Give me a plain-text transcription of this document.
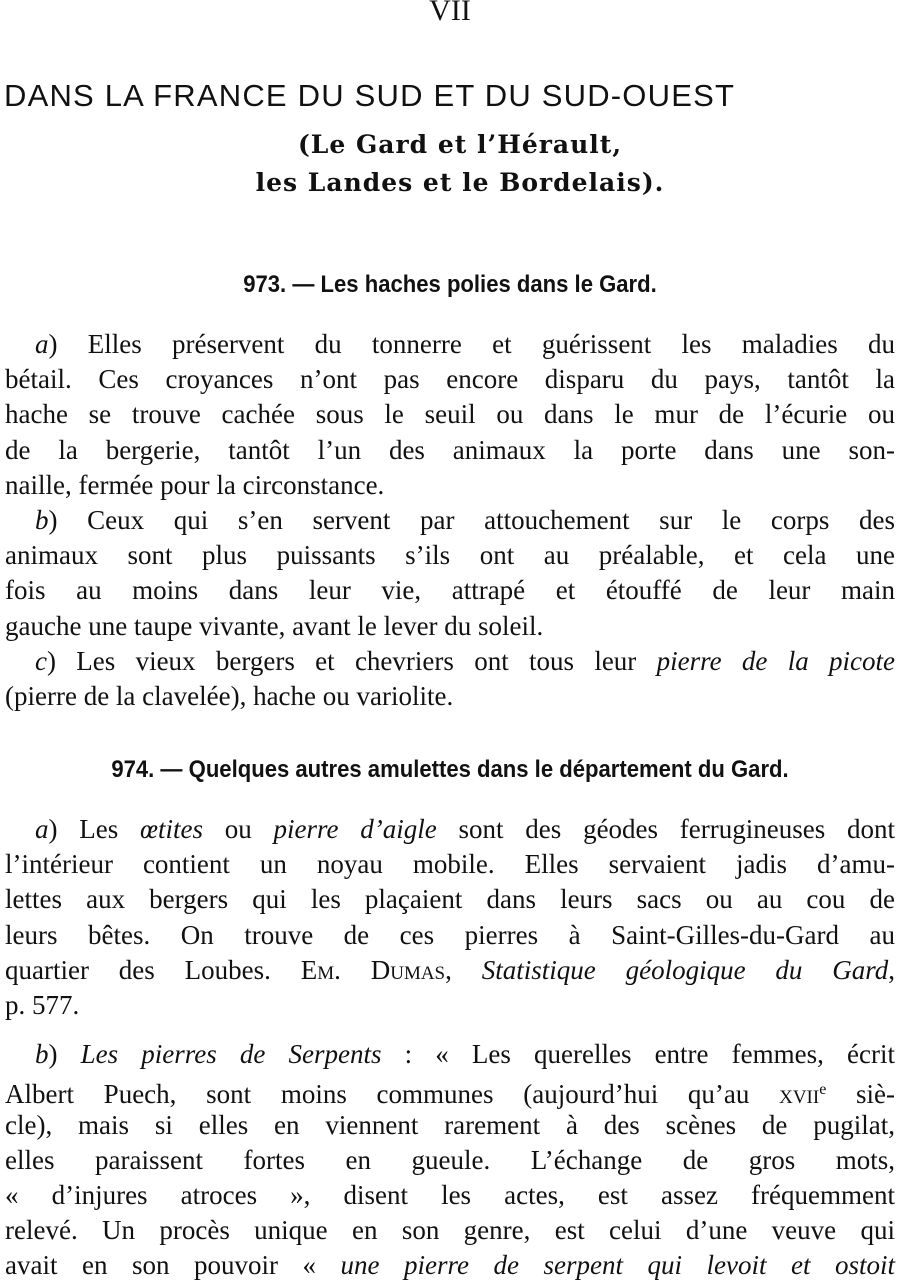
VII
DANS LA FRANCE DU SUD ET DU SUD-OUEST
(Le Gard et l’Hérault,
les Landes et le Bordelais).
973. — Les haches polies dans le Gard.
a) Elles préservent du tonnerre et guérissent les maladies du
bétail. Ces croyances n’ont pas encore disparu du pays, tantôt la
hache se trouve cachée sous le seuil ou dans le mur de l’écurie ou
de la bergerie, tantôt l’un des animaux la porte dans une son-
naille, fermée pour la circonstance.
b) Ceux qui s’en servent par attouchement sur le corps des
animaux sont plus puissants s’ils ont au préalable, et cela une
fois au moins dans leur vie, attrapé et étouffé de leur main
gauche une taupe vivante, avant le lever du soleil.
c) Les vieux bergers et chevriers ont tous leur pierre de la picote
(pierre de la clavelée), hache ou variolite.
974. — Quelques autres amulettes dans le département du Gard.
a) Les œtites ou pierre d’aigle sont des géodes ferrugineuses dont
l’intérieur contient un noyau mobile. Elles servaient jadis d’amu-
lettes aux bergers qui les plaçaient dans leurs sacs ou au cou de
leurs bêtes. On trouve de ces pierres à Saint-Gilles-du-Gard au
quartier des Loubes. Em. Dumas, Statistique géologique du Gard,
p. 577.
b) Les pierres de Serpents : « Les querelles entre femmes, écrit
Albert Puech, sont moins communes (aujourd’hui qu’au xvii$^e$ siè-
cle), mais si elles en viennent rarement à des scènes de pugilat,
elles paraissent fortes en gueule. L’échange de gros mots,
« d’injures atroces », disent les actes, est assez fréquemment
relevé. Un procès unique en son genre, est celui d’une veuve qui
avait en son pouvoir « une pierre de serpent qui levoit et ostoit
